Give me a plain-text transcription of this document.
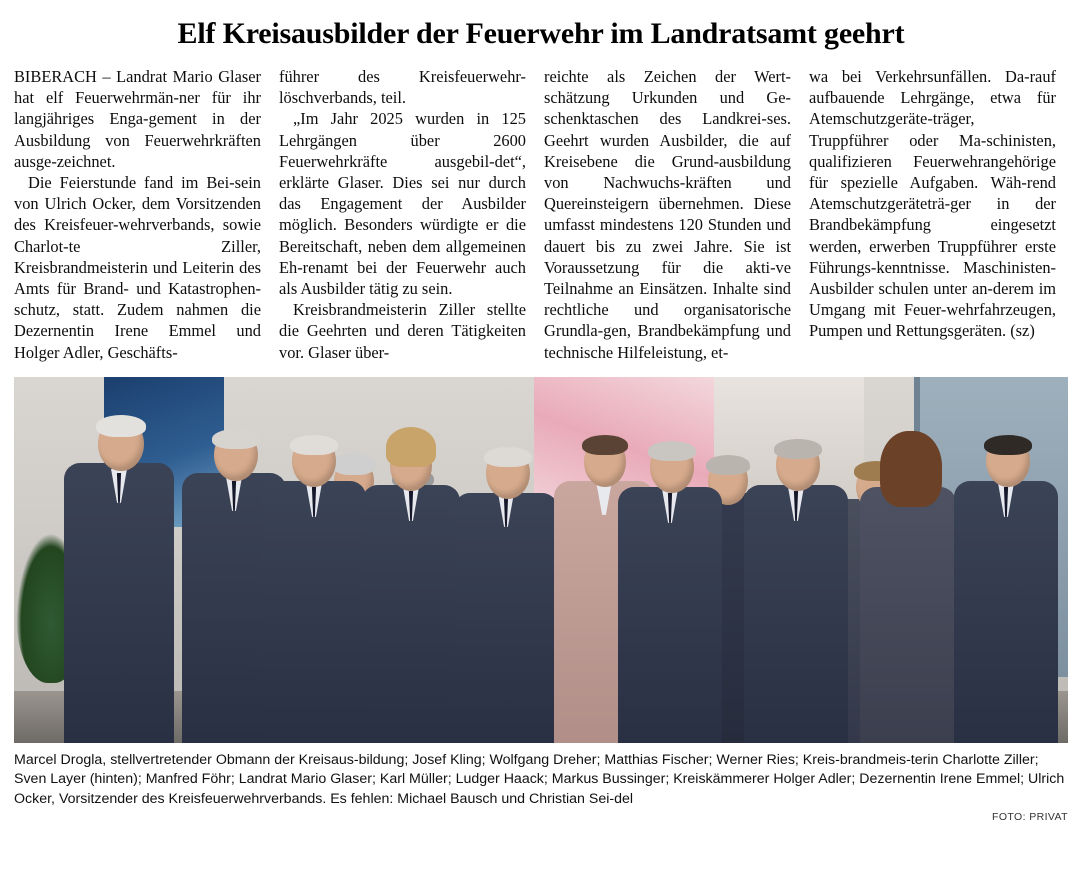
Elf Kreisausbilder der Feuerwehr im Landratsamt geehrt

BIBERACH – Landrat Mario Glaser hat elf Feuerwehrmän-ner für ihr langjähriges Enga-gement in der Ausbildung von Feuerwehrkräften ausge-zeichnet.

Die Feierstunde fand im Bei-sein von Ulrich Ocker, dem Vorsitzenden des Kreisfeuer-wehrverbands, sowie Charlot-te Ziller, Kreisbrandmeisterin und Leiterin des Amts für Brand- und Katastrophen-schutz, statt. Zudem nahmen die Dezernentin Irene Emmel und Holger Adler, Geschäfts-

führer des Kreisfeuerwehr-löschverbands, teil.

„Im Jahr 2025 wurden in 125 Lehrgängen über 2600 Feuerwehrkräfte ausgebil-det“, erklärte Glaser. Dies sei nur durch das Engagement der Ausbilder möglich. Besonders würdigte er die Bereitschaft, neben dem allgemeinen Eh-renamt bei der Feuerwehr auch als Ausbilder tätig zu sein.

Kreisbrandmeisterin Ziller stellte die Geehrten und deren Tätigkeiten vor. Glaser über-

reichte als Zeichen der Wert-schätzung Urkunden und Ge-schenktaschen des Landkrei-ses. Geehrt wurden Ausbilder, die auf Kreisebene die Grund-ausbildung von Nachwuchs-kräften und Quereinsteigern übernehmen. Diese umfasst mindestens 120 Stunden und dauert bis zu zwei Jahre. Sie ist Voraussetzung für die akti-ve Teilnahme an Einsätzen. Inhalte sind rechtliche und organisatorische Grundla-gen, Brandbekämpfung und technische Hilfeleistung, et-

wa bei Verkehrsunfällen. Da-rauf aufbauende Lehrgänge, etwa für Atemschutzgeräte-träger, Truppführer oder Ma-schinisten, qualifizieren Feuerwehrangehörige für spezielle Aufgaben. Wäh-rend Atemschutzgeräteträ-ger in der Brandbekämpfung eingesetzt werden, erwerben Truppführer erste Führungs-kenntnisse. Maschinisten-Ausbilder schulen unter an-derem im Umgang mit Feuer-wehrfahrzeugen, Pumpen und Rettungsgeräten. (sz)

Marcel Drogla, stellvertretender Obmann der Kreisaus-bildung; Josef Kling; Wolfgang Dreher; Matthias Fischer; Werner Ries; Kreis-brandmeis-terin Charlotte Ziller; Sven Layer (hinten); Manfred Föhr; Landrat Mario Glaser; Karl Müller; Ludger Haack; Markus Bussinger; Kreiskämmerer Holger Adler; Dezernentin Irene Emmel; Ulrich Ocker, Vorsitzender des Kreisfeuerwehrverbands. Es fehlen: Michael Bausch und Christian Sei-del
FOTO: PRIVAT
